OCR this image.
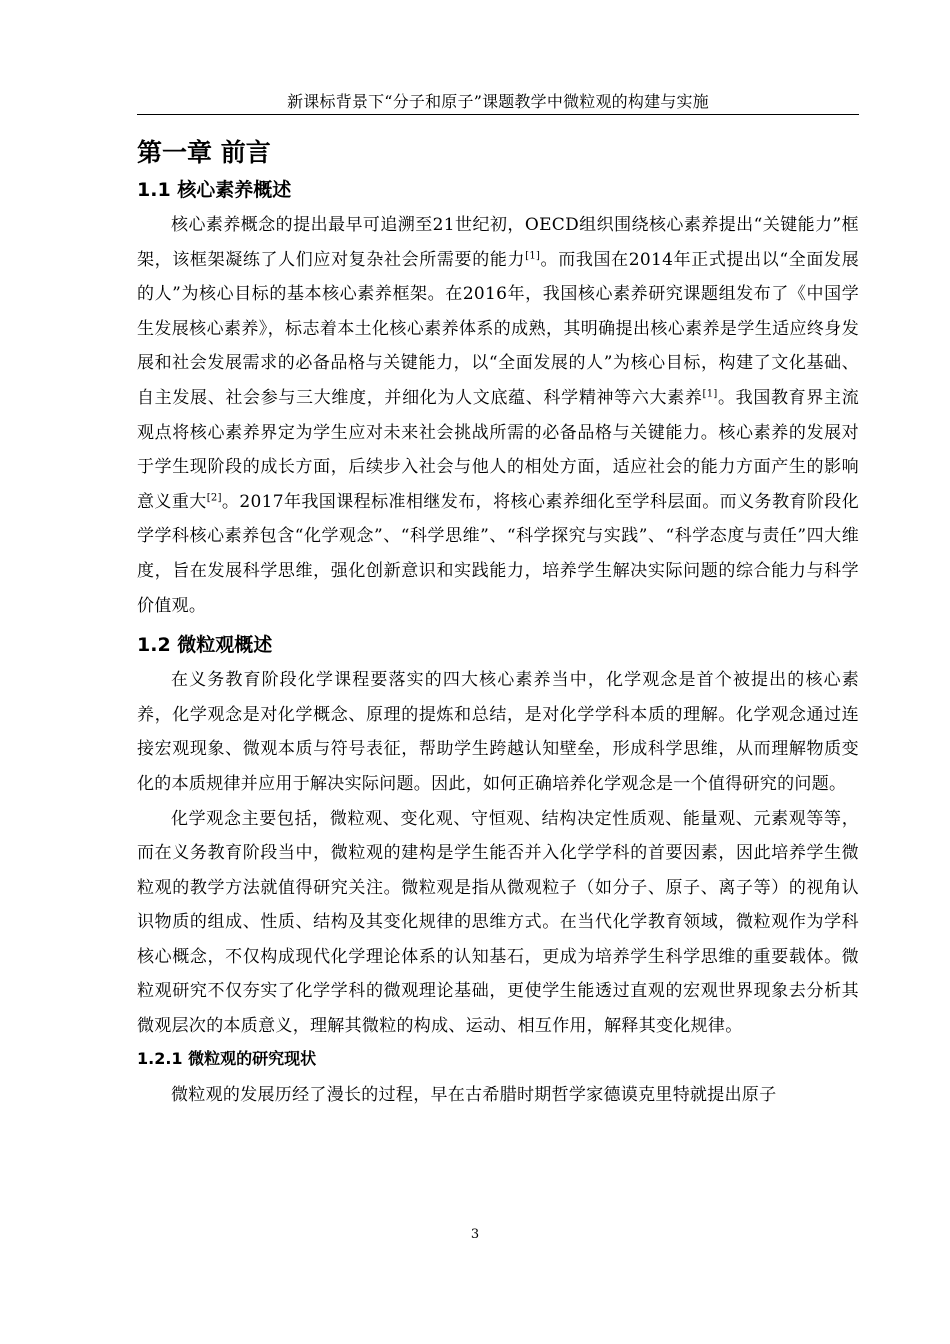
新课标背景下“分子和原子”课题教学中微粒观的构建与实施
第一章 前言
1.1 核心素养概述

核心素养概念的提出最早可追溯至21世纪初，OECD组织围绕核心素养提出“关键能力”框架，该框架凝练了人们应对复杂社会所需要的能力[1]。而我国在2014年正式提出以“全面发展的人”为核心目标的基本核心素养框架。在2016年，我国核心素养研究课题组发布了《中国学生发展核心素养》，标志着本土化核心素养体系的成熟，其明确提出核心素养是学生适应终身发展和社会发展需求的必备品格与关键能力，以“全面发展的人”为核心目标，构建了文化基础、自主发展、社会参与三大维度，并细化为人文底蕴、科学精神等六大素养[1]。我国教育界主流观点将核心素养界定为学生应对未来社会挑战所需的必备品格与关键能力。核心素养的发展对于学生现阶段的成长方面，后续步入社会与他人的相处方面，适应社会的能力方面产生的影响意义重大[2]。2017年我国课程标准相继发布，将核心素养细化至学科层面。而义务教育阶段化学学科核心素养包含“化学观念”、“科学思维”、“科学探究与实践”、“科学态度与责任”四大维度，旨在发展科学思维，强化创新意识和实践能力，培养学生解决实际问题的综合能力与科学价值观。

1.2 微粒观概述

在义务教育阶段化学课程要落实的四大核心素养当中，化学观念是首个被提出的核心素养，化学观念是对化学概念、原理的提炼和总结，是对化学学科本质的理解。化学观念通过连接宏观现象、微观本质与符号表征，帮助学生跨越认知壁垒，形成科学思维，从而理解物质变化的本质规律并应用于解决实际问题。因此，如何正确培养化学观念是一个值得研究的问题。

化学观念主要包括，微粒观、变化观、守恒观、结构决定性质观、能量观、元素观等等，而在义务教育阶段当中，微粒观的建构是学生能否并入化学学科的首要因素，因此培养学生微粒观的教学方法就值得研究关注。微粒观是指从微观粒子（如分子、原子、离子等）的视角认识物质的组成、性质、结构及其变化规律的思维方式。在当代化学教育领域，微粒观作为学科核心概念，不仅构成现代化学理论体系的认知基石，更成为培养学生科学思维的重要载体。微粒观研究不仅夯实了化学学科的微观理论基础，更使学生能透过直观的宏观世界现象去分析其微观层次的本质意义，理解其微粒的构成、运动、相互作用，解释其变化规律。

1.2.1 微粒观的研究现状

微粒观的发展历经了漫长的过程，早在古希腊时期哲学家德谟克里特就提出原子

3
